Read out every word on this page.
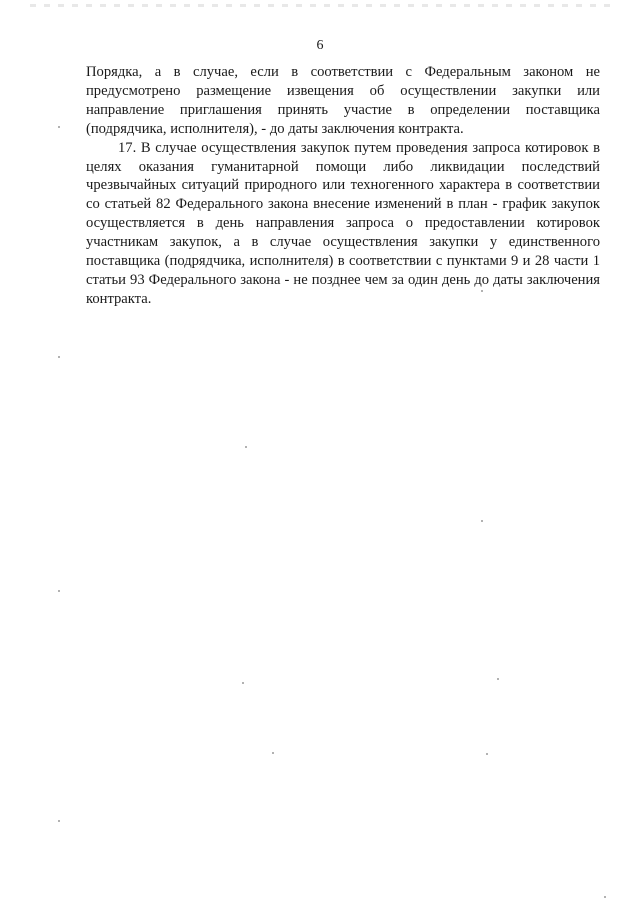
6

Порядка, а в случае, если в соответствии с Федеральным законом не предусмотрено размещение извещения об осуществлении закупки или направление приглашения принять участие в определении поставщика (подрядчика, исполнителя), - до даты заключения контракта.

17. В случае осуществления закупок путем проведения запроса котировок в целях оказания гуманитарной помощи либо ликвидации последствий чрезвычайных ситуаций природного или техногенного характера в соответствии со статьей 82 Федерального закона внесение изменений в план - график закупок осуществляется в день направления запроса о предоставлении котировок участникам закупок, а в случае осуществления закупки у единственного поставщика (подрядчика, исполнителя) в соответствии с пунктами 9 и 28 части 1 статьи 93 Федерального закона - не позднее чем за один день до даты заключения контракта.
